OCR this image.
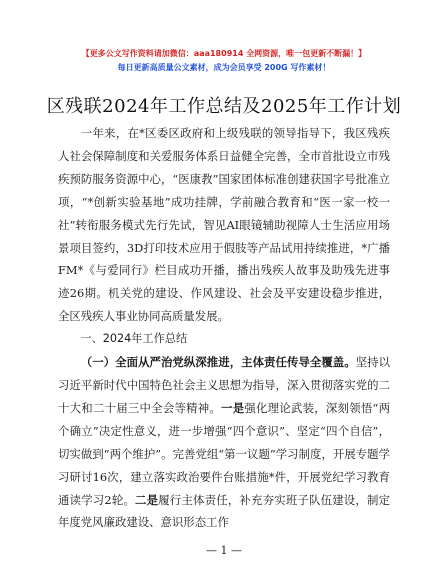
【更多公文写作资料请加微信：aaa180914 全网资源，唯一包更新不断漏！】
每日更新高质量公文素材，成为会员享受 200G 写作素材！
区残联2024年工作总结及2025年工作计划

一年来，在*区委区政府和上级残联的领导指导下，我区残疾人社会保障制度和关爱服务体系日益健全完善，全市首批设立市残疾预防服务资源中心，“医康教”国家团体标准创建获国字号批准立项，“*创新实验基地”成功挂牌，学前融合教育和“医一家一校一社”转衔服务模式先行先试，智见AI眼镜辅助视障人士生活应用场景项目签约，3D打印技术应用于假肢等产品试用持续推进，*广播FM*《与爱同行》栏目成功开播，播出残疾人故事及助残先进事迹26期。机关党的建设、作风建设、社会及平安建设稳步推进，全区残疾人事业协同高质量发展。

一、2024年工作总结

（一）全面从严治党纵深推进，主体责任传导全覆盖。坚持以习近平新时代中国特色社会主义思想为指导，深入贯彻落实党的二十大和二十届三中全会等精神。一是强化理论武装，深刻领悟“两个确立”决定性意义，进一步增强“四个意识”、坚定“四个自信”，切实做到“两个维护”。完善党组“第一议题”学习制度，开展专题学习研讨16次，建立落实政治要件台账措施*件，开展党纪学习教育通读学习2轮。二是履行主体责任，补充夯实班子队伍建设，制定年度党风廉政建设、意识形态工作

— 1 —
